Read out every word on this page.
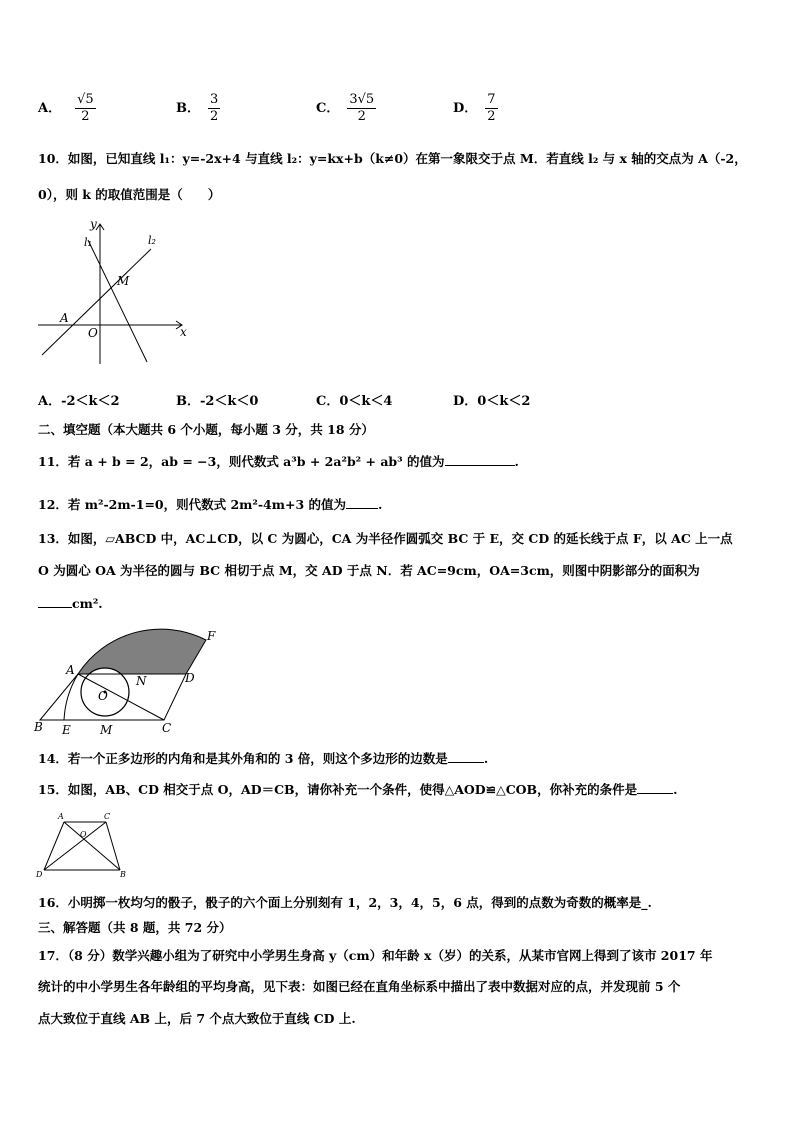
A． $\frac{√5}{2}$	B． $\frac{3}{2}$	C． $\frac{3√5}{2}$	D． $\frac{7}{2}$
10．如图，已知直线 l₁：y=-2x+4 与直线 l₂：y=kx+b（k≠0）在第一象限交于点 M．若直线 l₂ 与 x 轴的交点为 A（-2，
0），则 k 的取值范围是（　　）
y
x
l₁	l₂
M
A
O
A．-2＜k＜2	B．-2＜k＜0	C．0＜k＜4	D．0＜k＜2
二、填空题（本大题共 6 个小题，每小题 3 分，共 18 分）
11．若 a + b = 2，ab = −3，则代数式 a³b + 2a²b² + ab³ 的值为	.
12．若 m²-2m-1=0，则代数式 2m²-4m+3 的值为	.
13．如图，▱ABCD 中，AC⊥CD，以 C 为圆心，CA 为半径作圆弧交 BC 于 E，交 CD 的延长线于点 F，以 AC 上一点
O 为圆心 OA 为半径的圆与 BC 相切于点 M，交 AD 于点 N．若 AC=9cm，OA=3cm，则图中阴影部分的面积为
cm².
A
B	C
D
E
F
M
N
O
14．若一个正多边形的内角和是其外角和的 3 倍，则这个多边形的边数是	.
15．如图，AB、CD 相交于点 O，AD＝CB，请你补充一个条件，使得△AOD≌△COB，你补充的条件是	.
A	C
O
D	B
16．小明掷一枚均匀的骰子，骰子的六个面上分别刻有 1，2，3，4，5，6 点，得到的点数为奇数的概率是_.
三、解答题（共 8 题，共 72 分）
17．（8 分）数学兴趣小组为了研究中小学男生身高 y（cm）和年龄 x（岁）的关系，从某市官网上得到了该市 2017 年
统计的中小学男生各年龄组的平均身高，见下表：如图已经在直角坐标系中描出了表中数据对应的点，并发现前 5 个
点大致位于直线 AB 上，后 7 个点大致位于直线 CD 上.
